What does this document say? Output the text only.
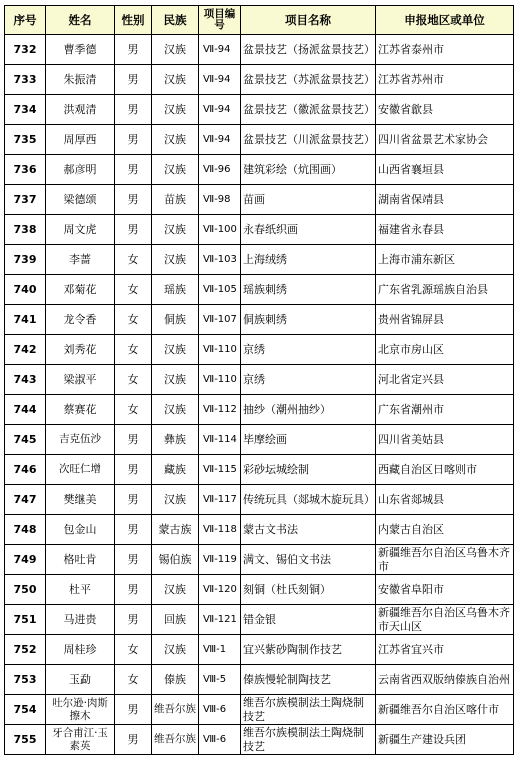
序号	姓名	性别	民族	项目编号	项目名称	申报地区或单位
732	曹季德	男	汉族	Ⅶ-94	盆景技艺（扬派盆景技艺）	江苏省泰州市
733	朱振清	男	汉族	Ⅶ-94	盆景技艺（苏派盆景技艺）	江苏省苏州市
734	洪观清	男	汉族	Ⅶ-94	盆景技艺（徽派盆景技艺）	安徽省歙县
735	周厚西	男	汉族	Ⅶ-94	盆景技艺（川派盆景技艺）	四川省盆景艺术家协会
736	郝彦明	男	汉族	Ⅶ-96	建筑彩绘（炕围画）	山西省襄垣县
737	梁德颂	男	苗族	Ⅶ-98	苗画	湖南省保靖县
738	周文虎	男	汉族	Ⅶ-100	永春纸织画	福建省永春县
739	李蔷	女	汉族	Ⅶ-103	上海绒绣	上海市浦东新区
740	邓菊花	女	瑶族	Ⅶ-105	瑶族刺绣	广东省乳源瑶族自治县
741	龙令香	女	侗族	Ⅶ-107	侗族刺绣	贵州省锦屏县
742	刘秀花	女	汉族	Ⅶ-110	京绣	北京市房山区
743	梁淑平	女	汉族	Ⅶ-110	京绣	河北省定兴县
744	蔡赛花	女	汉族	Ⅶ-112	抽纱（潮州抽纱）	广东省潮州市
745	吉克伍沙	男	彝族	Ⅶ-114	毕摩绘画	四川省美姑县
746	次旺仁增	男	藏族	Ⅶ-115	彩砂坛城绘制	西藏自治区日喀则市
747	樊继美	男	汉族	Ⅶ-117	传统玩具（郯城木旋玩具）	山东省郯城县
748	包金山	男	蒙古族	Ⅶ-118	蒙古文书法	内蒙古自治区
749	格吐肯	男	锡伯族	Ⅶ-119	满文、锡伯文书法	新疆维吾尔自治区乌鲁木齐市
750	杜平	男	汉族	Ⅶ-120	刻铜（杜氏刻铜）	安徽省阜阳市
751	马进贵	男	回族	Ⅶ-121	错金银	新疆维吾尔自治区乌鲁木齐市天山区
752	周桂珍	女	汉族	Ⅷ-1	宜兴紫砂陶制作技艺	江苏省宜兴市
753	玉勐	女	傣族	Ⅷ-5	傣族慢轮制陶技艺	云南省西双版纳傣族自治州
754	吐尔逊·肉斯擦木	男	维吾尔族	Ⅷ-6	维吾尔族模制法土陶烧制技艺	新疆维吾尔自治区喀什市
755	牙合甫江·玉素英	男	维吾尔族	Ⅷ-6	维吾尔族模制法土陶烧制技艺	新疆生产建设兵团
